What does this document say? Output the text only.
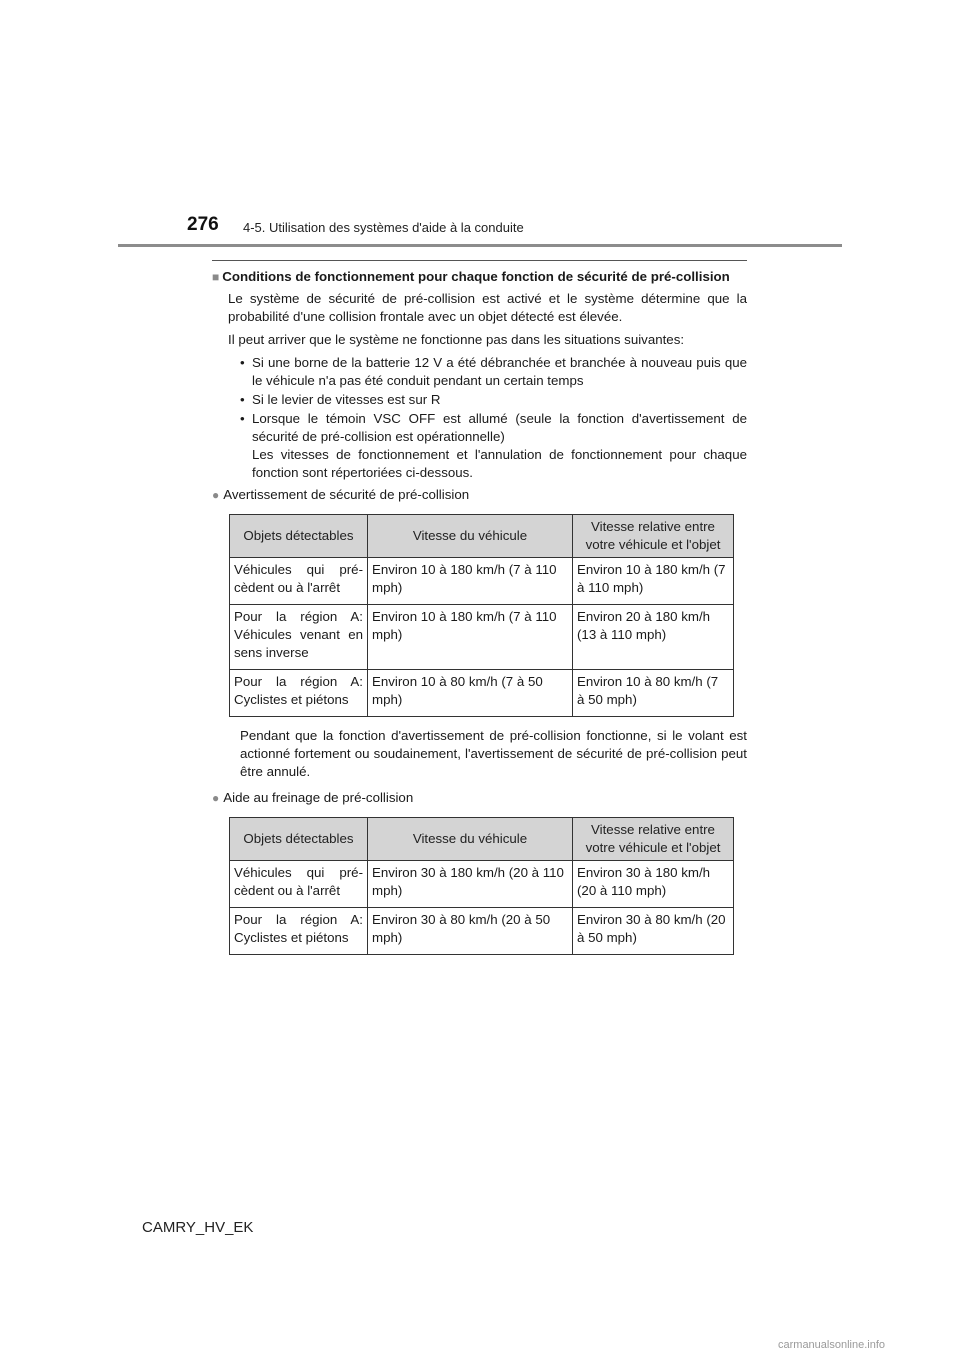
276 4-5. Utilisation des systèmes d'aide à la conduite

■ Conditions de fonctionnement pour chaque fonction de sécurité de pré-collision

Le système de sécurité de pré-collision est activé et le système détermine que la probabilité d'une collision frontale avec un objet détecté est élevée.

Il peut arriver que le système ne fonctionne pas dans les situations suivantes:

• Si une borne de la batterie 12 V a été débranchée et branchée à nouveau puis que le véhicule n'a pas été conduit pendant un certain temps
• Si le levier de vitesses est sur R
• Lorsque le témoin VSC OFF est allumé (seule la fonction d'avertissement de sécurité de pré-collision est opérationnelle)
Les vitesses de fonctionnement et l'annulation de fonctionnement pour chaque fonction sont répertoriées ci-dessous.

● Avertissement de sécurité de pré-collision

Objets détectables	Vitesse du véhicule	Vitesse relative entre votre véhicule et l'objet
Véhicules qui pré-cèdent ou à l'arrêt	Environ 10 à 180 km/h (7 à 110 mph)	Environ 10 à 180 km/h (7 à 110 mph)
Pour la région A: Véhicules venant en sens inverse	Environ 10 à 180 km/h (7 à 110 mph)	Environ 20 à 180 km/h (13 à 110 mph)
Pour la région A: Cyclistes et piétons	Environ 10 à 80 km/h (7 à 50 mph)	Environ 10 à 80 km/h (7 à 50 mph)

Pendant que la fonction d'avertissement de pré-collision fonctionne, si le volant est actionné fortement ou soudainement, l'avertissement de sécurité de pré-collision peut être annulé.

● Aide au freinage de pré-collision

Objets détectables	Vitesse du véhicule	Vitesse relative entre votre véhicule et l'objet
Véhicules qui pré-cèdent ou à l'arrêt	Environ 30 à 180 km/h (20 à 110 mph)	Environ 30 à 180 km/h (20 à 110 mph)
Pour la région A: Cyclistes et piétons	Environ 30 à 80 km/h (20 à 50 mph)	Environ 30 à 80 km/h (20 à 50 mph)
CAMRY_HV_EK
carmanualsonline.info
